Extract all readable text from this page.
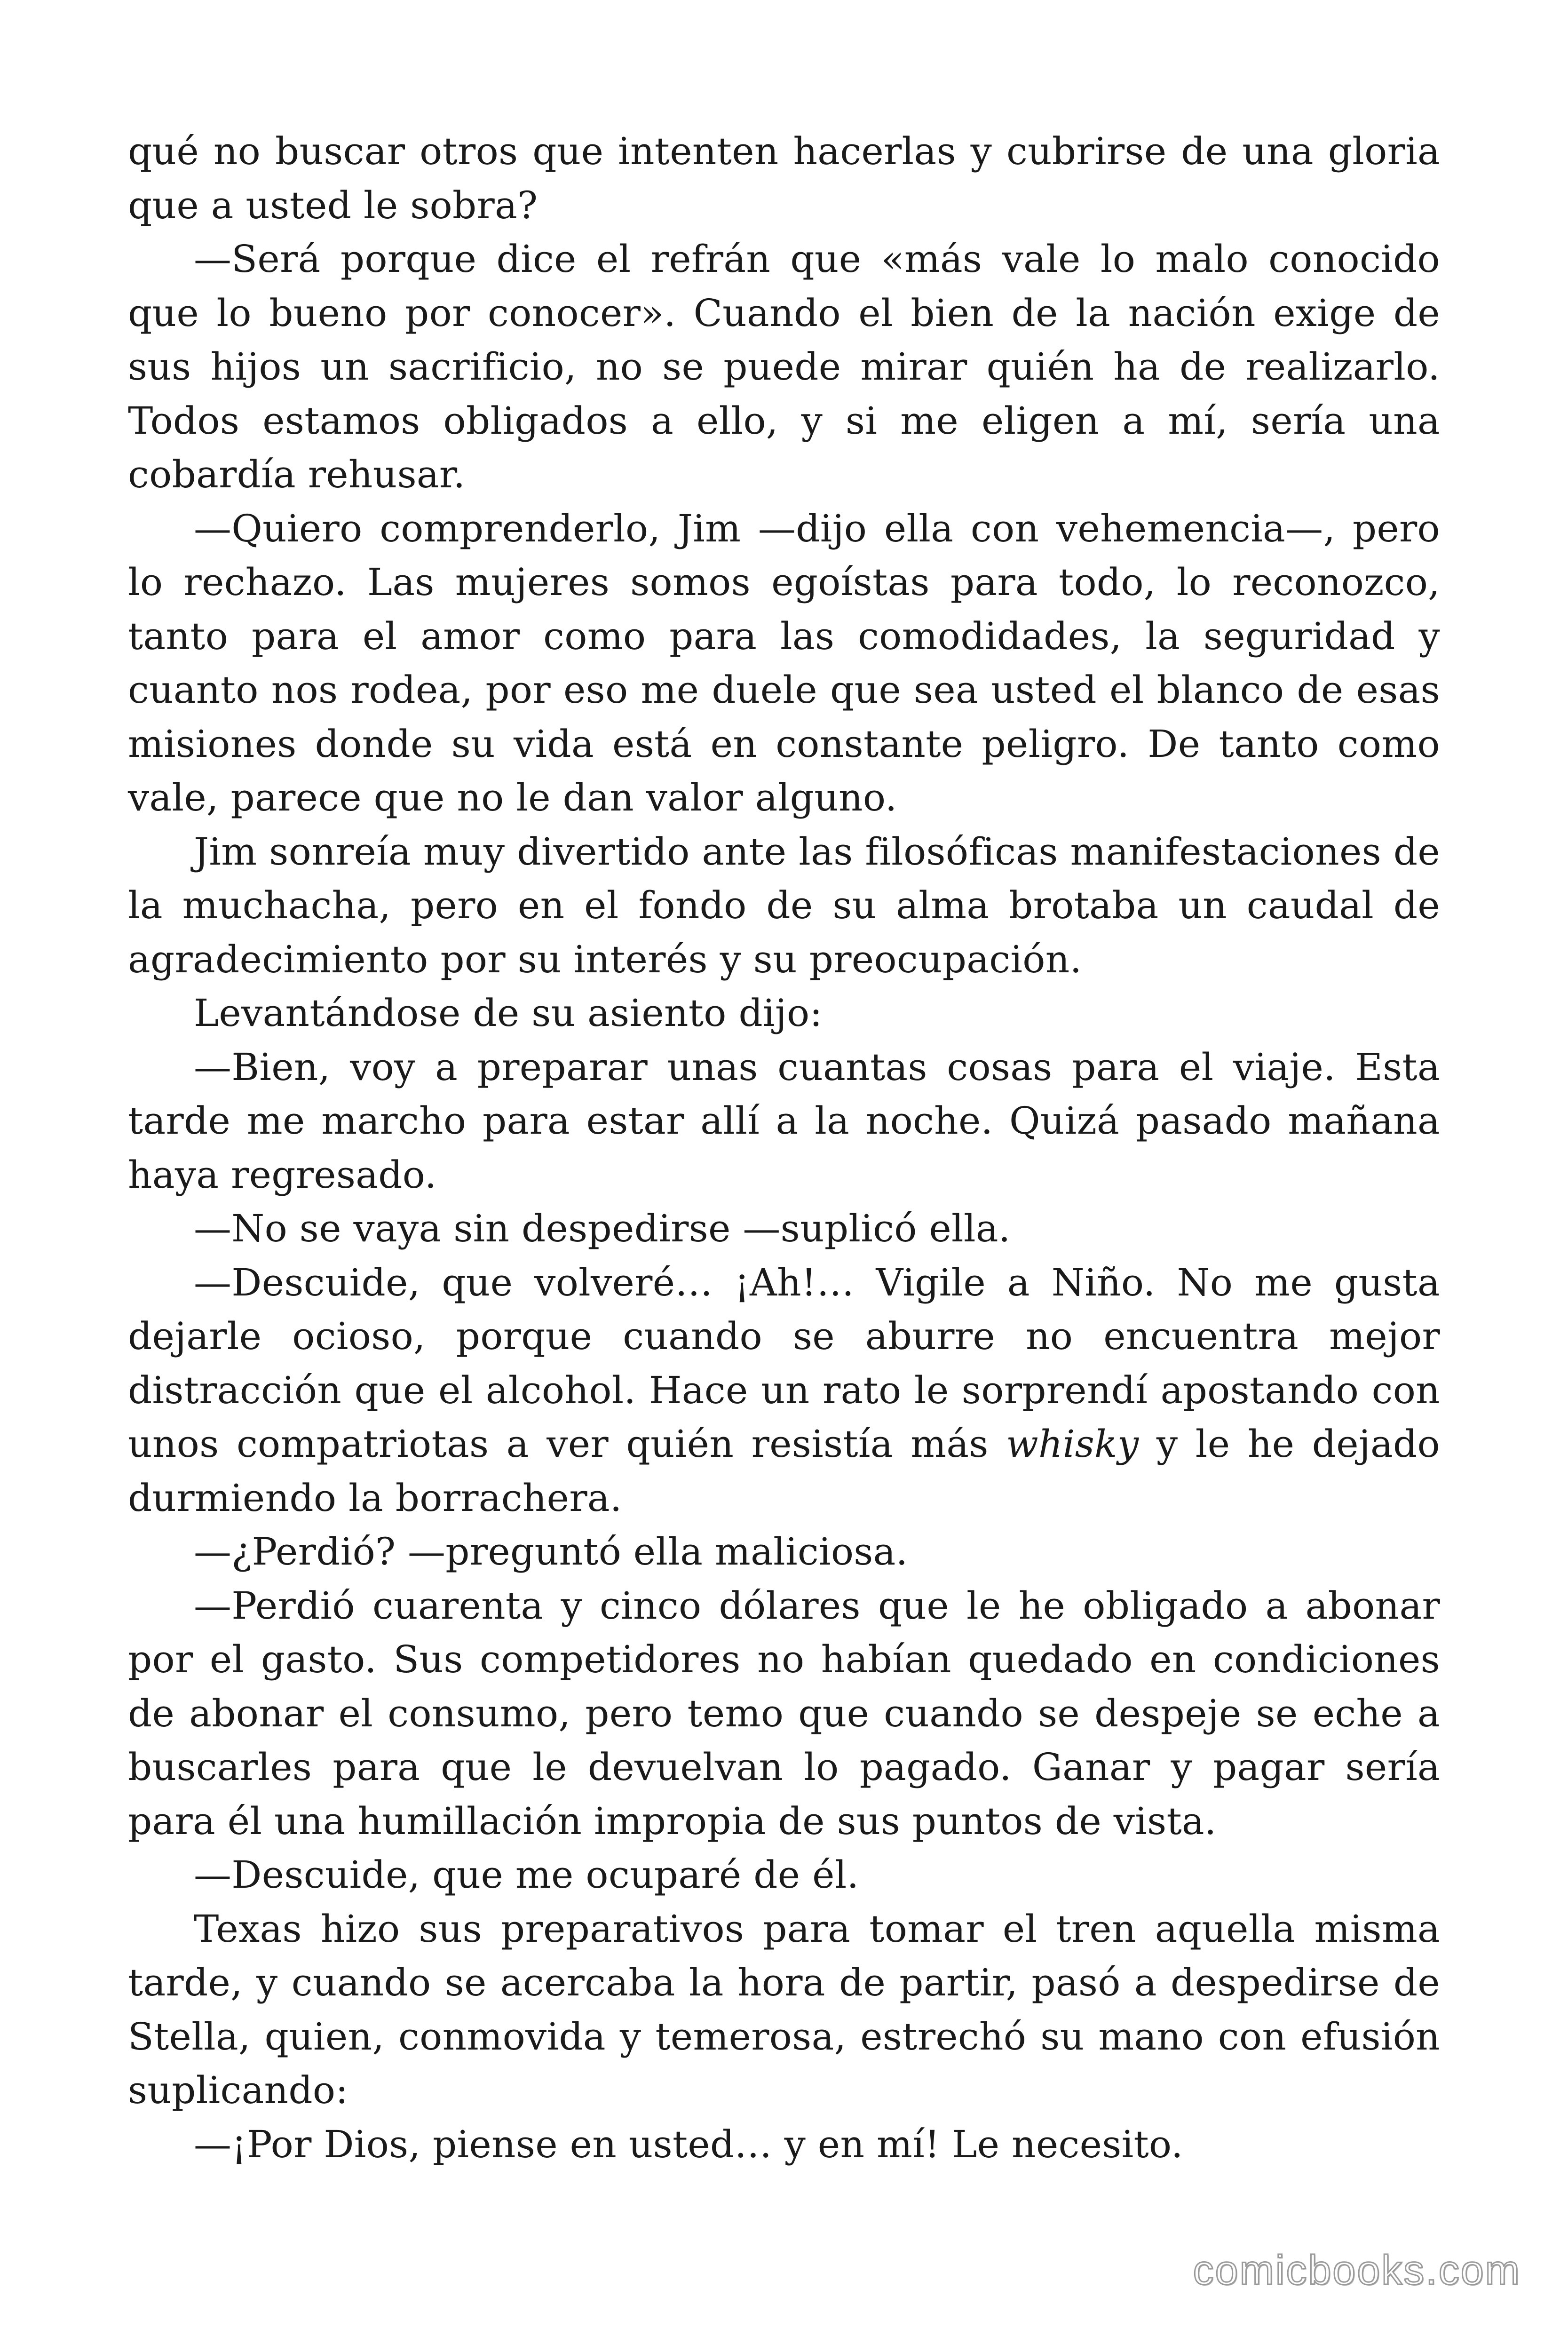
qué no buscar otros que intenten hacerlas y cubrirse de una gloria que a usted le sobra?

—Será porque dice el refrán que «más vale lo malo conocido que lo bueno por conocer». Cuando el bien de la nación exige de sus hijos un sacrificio, no se puede mirar quién ha de realizarlo. Todos estamos obligados a ello, y si me eligen a mí, sería una cobardía rehusar.

—Quiero comprenderlo, Jim —dijo ella con vehemencia—, pero lo rechazo. Las mujeres somos egoístas para todo, lo reconozco, tanto para el amor como para las comodidades, la seguridad y cuanto nos rodea, por eso me duele que sea usted el blanco de esas misiones donde su vida está en constante peligro. De tanto como vale, parece que no le dan valor alguno.

Jim sonreía muy divertido ante las filosóficas manifestaciones de la muchacha, pero en el fondo de su alma brotaba un caudal de agradecimiento por su interés y su preocupación.

Levantándose de su asiento dijo:

—Bien, voy a preparar unas cuantas cosas para el viaje. Esta tarde me marcho para estar allí a la noche. Quizá pasado mañana haya regresado.

—No se vaya sin despedirse —suplicó ella.

—Descuide, que volveré… ¡Ah!… Vigile a Niño. No me gusta dejarle ocioso, porque cuando se aburre no encuentra mejor distracción que el alcohol. Hace un rato le sorprendí apostando con unos compatriotas a ver quién resistía más whisky y le he dejado durmiendo la borrachera.

—¿Perdió? —preguntó ella maliciosa.

—Perdió cuarenta y cinco dólares que le he obligado a abonar por el gasto. Sus competidores no habían quedado en condiciones de abonar el consumo, pero temo que cuando se despeje se eche a buscarles para que le devuelvan lo pagado. Ganar y pagar sería para él una humillación impropia de sus puntos de vista.

—Descuide, que me ocuparé de él.

Texas hizo sus preparativos para tomar el tren aquella misma tarde, y cuando se acercaba la hora de partir, pasó a despedirse de Stella, quien, conmovida y temerosa, estrechó su mano con efusión suplicando:

—¡Por Dios, piense en usted… y en mí! Le necesito.

comicbooks.com
